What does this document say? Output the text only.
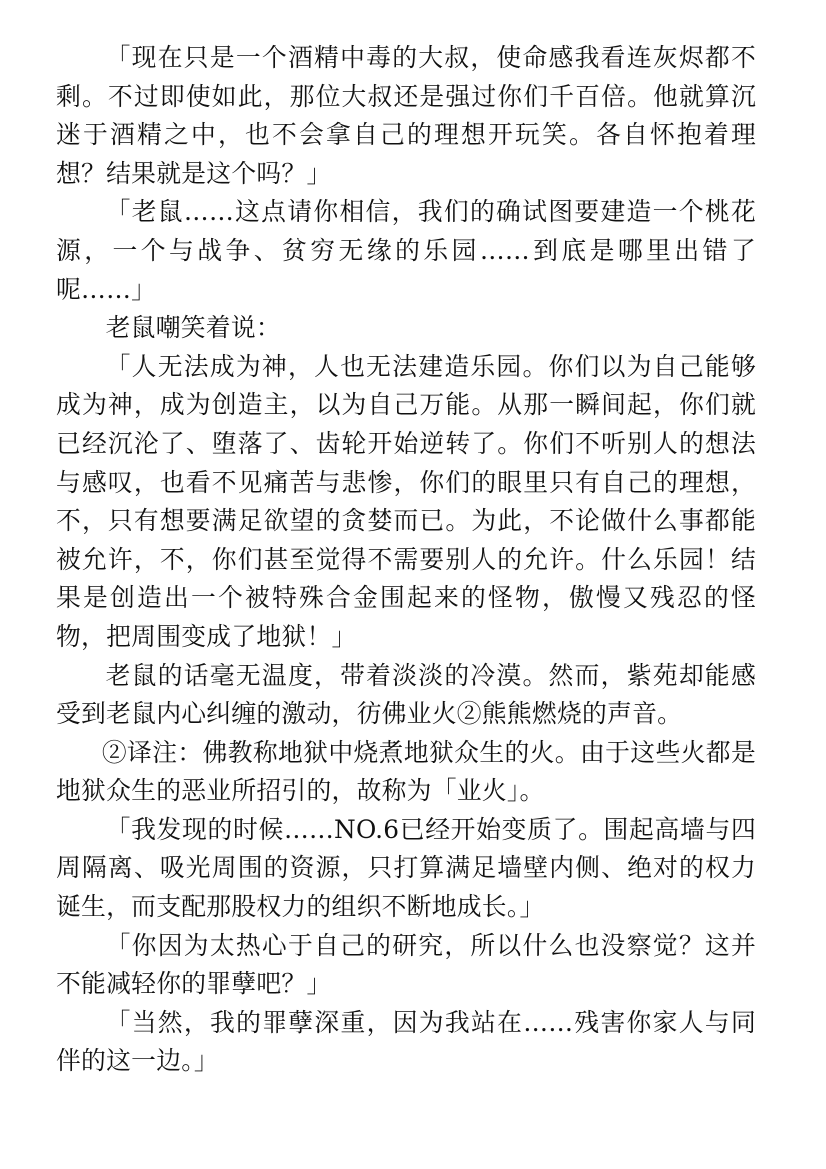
「现在只是一个酒精中毒的大叔，使命感我看连灰烬都不剩。不过即使如此，那位大叔还是强过你们千百倍。他就算沉迷于酒精之中，也不会拿自己的理想开玩笑。各自怀抱着理想？结果就是这个吗？」

「老鼠……这点请你相信，我们的确试图要建造一个桃花源，一个与战争、贫穷无缘的乐园……到底是哪里出错了呢……」

老鼠嘲笑着说：

「人无法成为神，人也无法建造乐园。你们以为自己能够成为神，成为创造主，以为自己万能。从那一瞬间起，你们就已经沉沦了、堕落了、齿轮开始逆转了。你们不听别人的想法与感叹，也看不见痛苦与悲惨，你们的眼里只有自己的理想，不，只有想要满足欲望的贪婪而已。为此，不论做什么事都能被允许，不，你们甚至觉得不需要别人的允许。什么乐园！结果是创造出一个被特殊合金围起来的怪物，傲慢又残忍的怪物，把周围变成了地狱！」

老鼠的话毫无温度，带着淡淡的冷漠。然而，紫苑却能感受到老鼠内心纠缠的激动，彷佛业火②熊熊燃烧的声音。

②译注：佛教称地狱中烧煮地狱众生的火。由于这些火都是地狱众生的恶业所招引的，故称为「业火」。

「我发现的时候……NO.6已经开始变质了。围起高墙与四周隔离、吸光周围的资源，只打算满足墙壁内侧、绝对的权力诞生，而支配那股权力的组织不断地成长。」

「你因为太热心于自己的研究，所以什么也没察觉？这并不能减轻你的罪孽吧？」

「当然，我的罪孽深重，因为我站在……残害你家人与同伴的这一边。」
